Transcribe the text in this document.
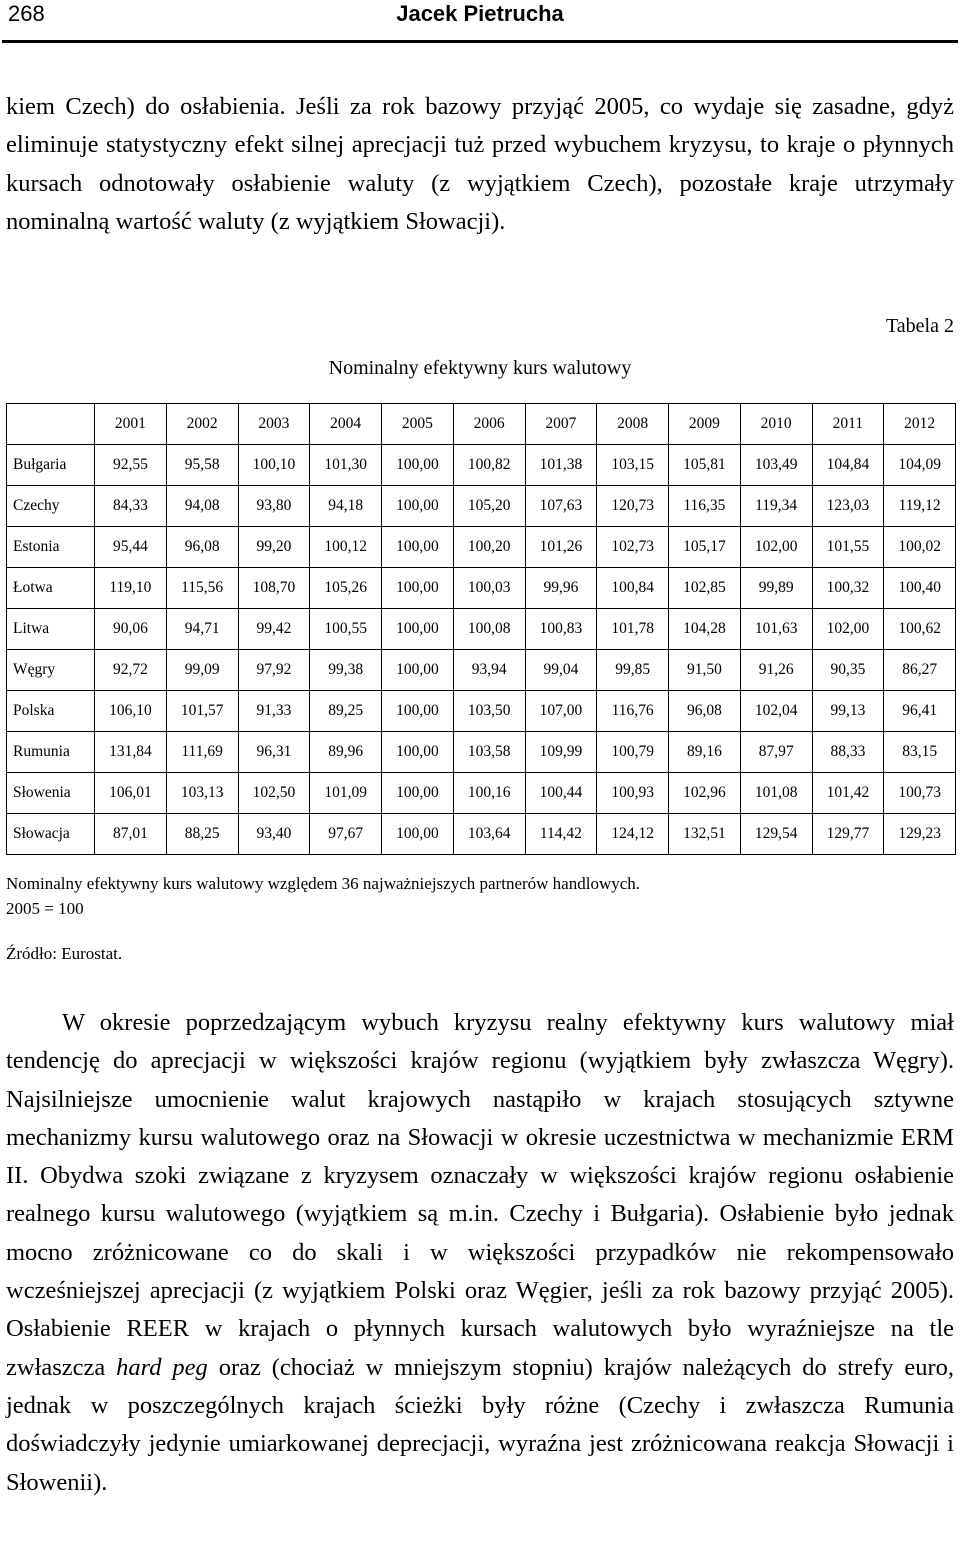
268	Jacek Pietrucha

kiem Czech) do osłabienia. Jeśli za rok bazowy przyjąć 2005, co wydaje się zasadne, gdyż eliminuje statystyczny efekt silnej aprecjacji tuż przed wybuchem kryzysu, to kraje o płynnych kursach odnotowały osłabienie waluty (z wyjątkiem Czech), pozostałe kraje utrzymały nominalną wartość waluty (z wyjątkiem Słowacji).

Tabela 2
Nominalny efektywny kurs walutowy
	2001	2002	2003	2004	2005	2006	2007	2008	2009	2010	2011	2012
Bułgaria	92,55	95,58	100,10	101,30	100,00	100,82	101,38	103,15	105,81	103,49	104,84	104,09
Czechy	84,33	94,08	93,80	94,18	100,00	105,20	107,63	120,73	116,35	119,34	123,03	119,12
Estonia	95,44	96,08	99,20	100,12	100,00	100,20	101,26	102,73	105,17	102,00	101,55	100,02
Łotwa	119,10	115,56	108,70	105,26	100,00	100,03	99,96	100,84	102,85	99,89	100,32	100,40
Litwa	90,06	94,71	99,42	100,55	100,00	100,08	100,83	101,78	104,28	101,63	102,00	100,62
Węgry	92,72	99,09	97,92	99,38	100,00	93,94	99,04	99,85	91,50	91,26	90,35	86,27
Polska	106,10	101,57	91,33	89,25	100,00	103,50	107,00	116,76	96,08	102,04	99,13	96,41
Rumunia	131,84	111,69	96,31	89,96	100,00	103,58	109,99	100,79	89,16	87,97	88,33	83,15
Słowenia	106,01	103,13	102,50	101,09	100,00	100,16	100,44	100,93	102,96	101,08	101,42	100,73
Słowacja	87,01	88,25	93,40	97,67	100,00	103,64	114,42	124,12	132,51	129,54	129,77	129,23
Nominalny efektywny kurs walutowy względem 36 najważniejszych partnerów handlowych.
2005 = 100
Źródło: Eurostat.

W okresie poprzedzającym wybuch kryzysu realny efektywny kurs walutowy miał tendencję do aprecjacji w większości krajów regionu (wyjątkiem były zwłaszcza Węgry). Najsilniejsze umocnienie walut krajowych nastąpiło w krajach stosujących sztywne mechanizmy kursu walutowego oraz na Słowacji w okresie uczestnictwa w mechanizmie ERM II. Obydwa szoki związane z kryzysem oznaczały w większości krajów regionu osłabienie realnego kursu walutowego (wyjątkiem są m.in. Czechy i Bułgaria). Osłabienie było jednak mocno zróżnicowane co do skali i w większości przypadków nie rekompensowało wcześniejszej aprecjacji (z wyjątkiem Polski oraz Węgier, jeśli za rok bazowy przyjąć 2005). Osłabienie REER w krajach o płynnych kursach walutowych było wyraźniejsze na tle zwłaszcza hard peg oraz (chociaż w mniejszym stopniu) krajów należących do strefy euro, jednak w poszczególnych krajach ścieżki były różne (Czechy i zwłaszcza Rumunia doświadczyły jedynie umiarkowanej deprecjacji, wyraźna jest zróżnicowana reakcja Słowacji i Słowenii).
